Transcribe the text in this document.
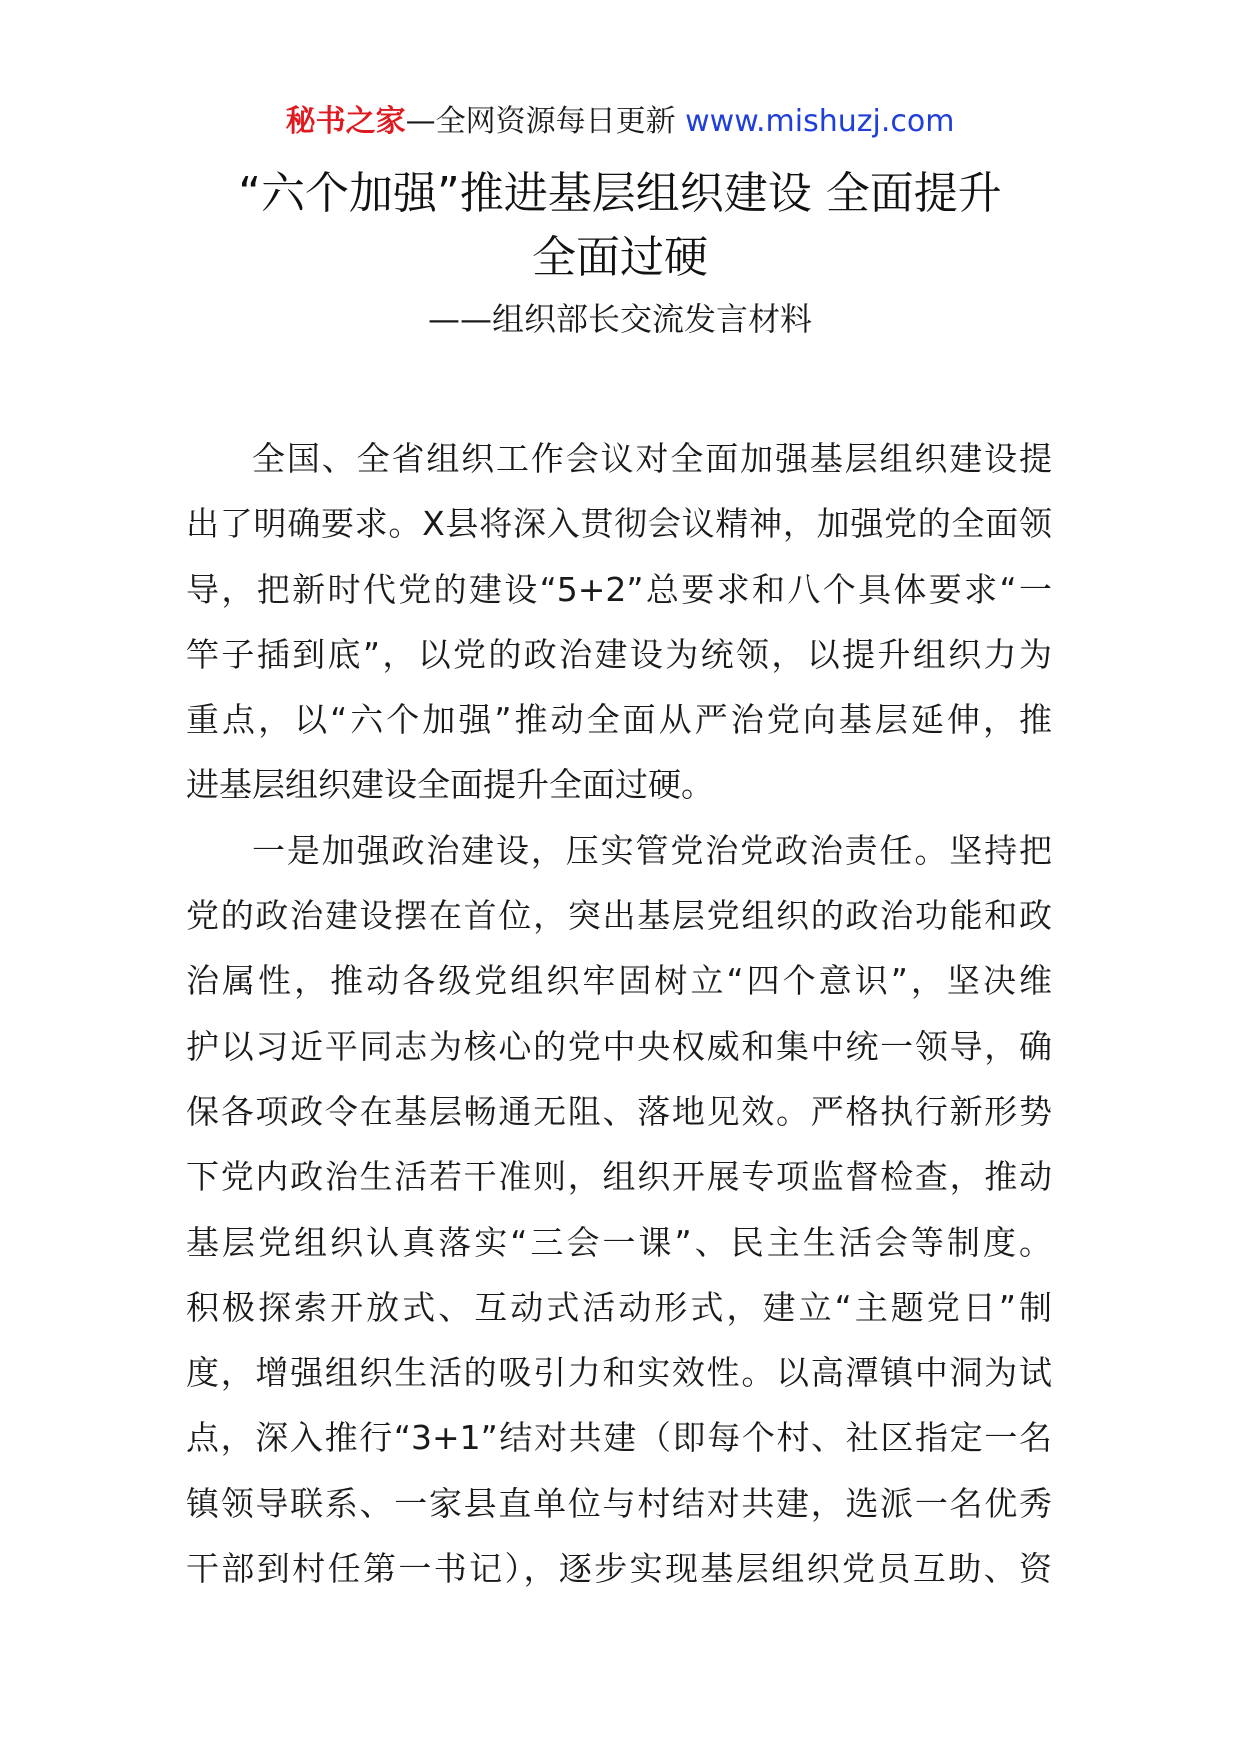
秘书之家—全网资源每日更新 www.mishuzj.com
“六个加强”推进基层组织建设 全面提升
全面过硬
——组织部长交流发言材料
全国、全省组织工作会议对全面加强基层组织建设提
出了明确要求。X县将深入贯彻会议精神，加强党的全面领
导，把新时代党的建设“5+2”总要求和八个具体要求“一
竿子插到底”，以党的政治建设为统领，以提升组织力为
重点，以“六个加强”推动全面从严治党向基层延伸，推
进基层组织建设全面提升全面过硬。
一是加强政治建设，压实管党治党政治责任。坚持把
党的政治建设摆在首位，突出基层党组织的政治功能和政
治属性，推动各级党组织牢固树立“四个意识”，坚决维
护以习近平同志为核心的党中央权威和集中统一领导，确
保各项政令在基层畅通无阻、落地见效。严格执行新形势
下党内政治生活若干准则，组织开展专项监督检查，推动
基层党组织认真落实“三会一课”、民主生活会等制度。
积极探索开放式、互动式活动形式，建立“主题党日”制
度，增强组织生活的吸引力和实效性。以高潭镇中洞为试
点，深入推行“3+1”结对共建（即每个村、社区指定一名
镇领导联系、一家县直单位与村结对共建，选派一名优秀
干部到村任第一书记），逐步实现基层组织党员互助、资
